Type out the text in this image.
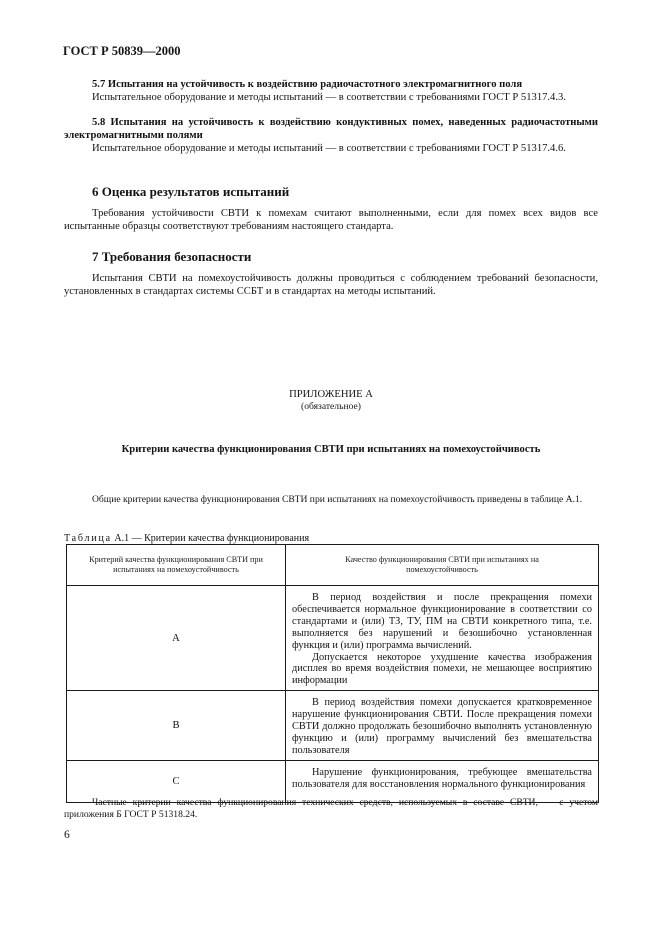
ГОСТ Р 50839—2000
5.7 Испытания на устойчивость к воздействию радиочастотного электромагнитного поля
Испытательное оборудование и методы испытаний — в соответствии с требованиями ГОСТ Р 51317.4.3.
5.8 Испытания на устойчивость к воздействию кондуктивных помех, наведенных радиочастотными электромагнитными полями
Испытательное оборудование и методы испытаний — в соответствии с требованиями ГОСТ Р 51317.4.6.
6 Оценка результатов испытаний
Требования устойчивости СВТИ к помехам считают выполненными, если для помех всех видов все испытанные образцы соответствуют требованиям настоящего стандарта.
7 Требования безопасности
Испытания СВТИ на помехоустойчивость должны проводиться с соблюдением требований безопасности, установленных в стандартах системы ССБТ и в стандартах на методы испытаний.
ПРИЛОЖЕНИЕ А
(обязательное)
Критерии качества функционирования СВТИ при испытаниях на помехоустойчивость
Общие критерии качества функционирования СВТИ при испытаниях на помехоустойчивость приведены в таблице А.1.
Таблица А.1 — Критерии качества функционирования
Критерий качества функционирования СВТИ при испытаниях на помехоустойчивость	Качество функционирования СВТИ при испытаниях на помехоустойчивость
А	В период воздействия и после прекращения помехи обеспечивается нормальное функционирование в соответствии со стандартами и (или) ТЗ, ТУ, ПМ на СВТИ конкретного типа, т.е. выполняется без нарушений и безошибочно установленная функция и (или) программа вычислений.

Допускается некоторое ухудшение качества изображения дисплея во время воздействия помехи, не мешающее восприятию информации

В	В период воздействия помехи допускается кратковременное нарушение функционирования СВТИ. После прекращения помехи СВТИ должно продолжать безошибочно выполнять установленную функцию и (или) программу вычислений без вмешательства пользователя

С	Нарушение функционирования, требующее вмешательства пользователя для восстановления нормального функционирования

Частные критерии качества функционирования технических средств, используемых в составе СВТИ, — с учетом приложения Б ГОСТ Р 51318.24.
6
